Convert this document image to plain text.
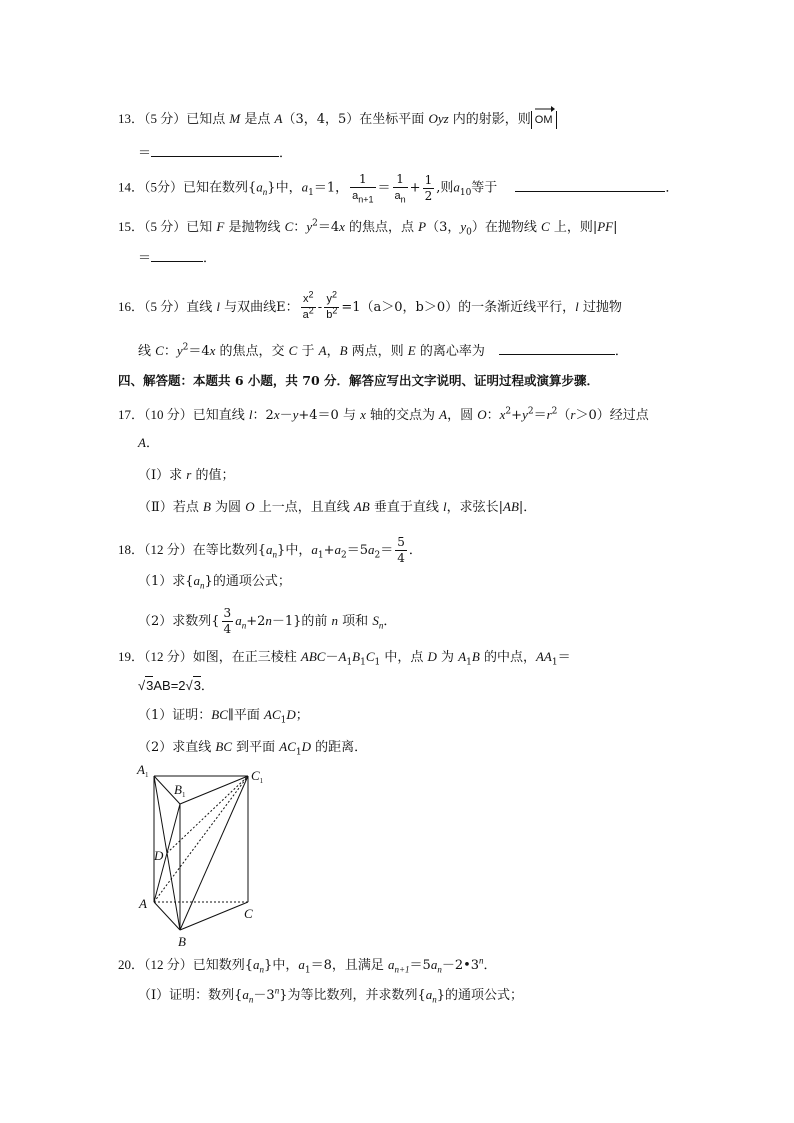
13．（5 分）已知点 M 是点 A（3，4，5）在坐标平面 Oyz 内的射影，则 OM
＝	．
14．（5分）已知在数列$\{a_n\}$中，$a_1=1$， $\frac{1}{a_{n+1}} = \frac{1}{a_n} + \frac{1}{2}$ ,则$a_{10}$等于	．
15．（5 分）已知 F 是抛物线 C：$y^2=4x$ 的焦点，点 P（3，$y_0$）在抛物线 C 上，则|PF|
＝	．
16．（5 分）直线 l 与双曲线E： $\frac{x^2}{a^2} - \frac{y^2}{b^2} =1(a>0$，b＞0）的一条渐近线平行，l 过抛物
线 C：$y^2=4x$ 的焦点，交 C 于 A，B 两点，则 E 的离心率为	．
四、解答题：本题共 6 小题，共 70 分．解答应写出文字说明、证明过程或演算步骤．
17．（10 分）已知直线 l：2x－y+4＝0 与 x 轴的交点为 A，圆 O：$x^2+y^2=r^2(r>0)$经过点
A．
（Ⅰ）求 r 的值；
（Ⅱ）若点 B 为圆 O 上一点，且直线 AB 垂直于直线 l，求弦长|AB|．
18．（12 分）在等比数列$\{a_n\}$中，$a_1+a_2=5a_2= \frac{5}{4}$ ．
（1）求$\{a_n\}$的通项公式；
（2）求数列{ $\frac{3}{4} a_n+2n-1$}的前 n 项和 $S_n$．
19．（12 分）如图，在正三棱柱 $ABC-A_1B_1C_1$ 中，点 D 为 $A_1B$ 的中点，$AA_1=$
√3AB=2√3．
（1）证明：BC∥平面 $AC_1D$；
（2）求直线 BC 到平面 $AC_1D$ 的距离．
$A_1$
$B_1$
$C_1$
D
A
C
B
20．（12 分）已知数列$\{a_n\}$中，$a_1=8$，且满足 $a_{n+1}=5a_n-2•3^n$．
（Ⅰ）证明：数列$\{a_n-3^n\}$为等比数列，并求数列$\{a_n\}$的通项公式；
